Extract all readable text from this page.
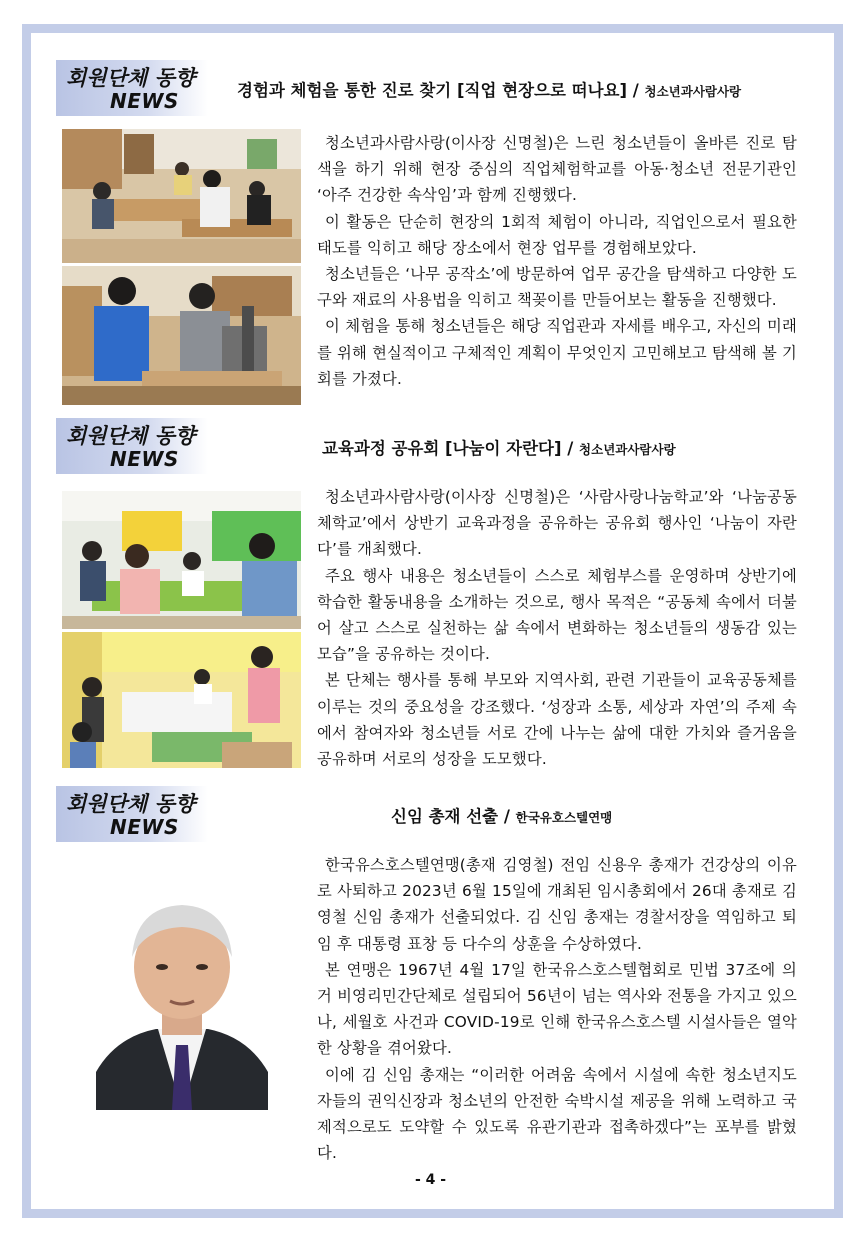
회원단체 동향
NEWS	경험과 체험을 통한 진로 찾기 [직업 현장으로 떠나요] / 청소년과사람사랑

청소년과사람사랑(이사장 신명철)은 느린 청소년들이 올바른 진로 탐색을 하기 위해 현장 중심의 직업체험학교를 아동·청소년 전문기관인 ‘아주 건강한 속삭임’과 함께 진행했다.

이 활동은 단순히 현장의 1회적 체험이 아니라, 직업인으로서 필요한 태도를 익히고 해당 장소에서 현장 업무를 경험해보았다.

청소년들은 ‘나무 공작소’에 방문하여 업무 공간을 탐색하고 다양한 도구와 재료의 사용법을 익히고 책꽂이를 만들어보는 활동을 진행했다.

이 체험을 통해 청소년들은 해당 직업관과 자세를 배우고, 자신의 미래를 위해 현실적이고 구체적인 계획이 무엇인지 고민해보고 탐색해 볼 기회를 가졌다.

회원단체 동향
NEWS	교육과정 공유회 [나눔이 자란다] / 청소년과사람사랑

청소년과사람사랑(이사장 신명철)은 ‘사람사랑나눔학교’와 ‘나눔공동체학교’에서 상반기 교육과정을 공유하는 공유회 행사인 ‘나눔이 자란다’를 개최했다.

주요 행사 내용은 청소년들이 스스로 체험부스를 운영하며 상반기에 학습한 활동내용을 소개하는 것으로, 행사 목적은 “공동체 속에서 더불어 살고 스스로 실천하는 삶 속에서 변화하는 청소년들의 생동감 있는 모습”을 공유하는 것이다.

본 단체는 행사를 통해 부모와 지역사회, 관련 기관들이 교육공동체를 이루는 것의 중요성을 강조했다. ‘성장과 소통, 세상과 자연’의 주제 속에서 참여자와 청소년들 서로 간에 나누는 삶에 대한 가치와 즐거움을 공유하며 서로의 성장을 도모했다.

회원단체 동향
NEWS	신임 총재 선출 / 한국유호스텔연맹

한국유스호스텔연맹(총재 김영철) 전임 신용우 총재가 건강상의 이유로 사퇴하고 2023년 6월 15일에 개최된 임시총회에서 26대 총재로 김영철 신임 총재가 선출되었다. 김 신임 총재는 경찰서장을 역임하고 퇴임 후 대통령 표창 등 다수의 상훈을 수상하였다.

본 연맹은 1967년 4월 17일 한국유스호스텔협회로 민법 37조에 의거 비영리민간단체로 설립되어 56년이 넘는 역사와 전통을 가지고 있으나, 세월호 사건과 COVID-19로 인해 한국유스호스텔 시설사들은 열악한 상황을 겪어왔다.

이에 김 신임 총재는 “이러한 어려움 속에서 시설에 속한 청소년지도자들의 권익신장과 청소년의 안전한 숙박시설 제공을 위해 노력하고 국제적으로도 도약할 수 있도록 유관기관과 접촉하겠다”는 포부를 밝혔다.

- 4 -
